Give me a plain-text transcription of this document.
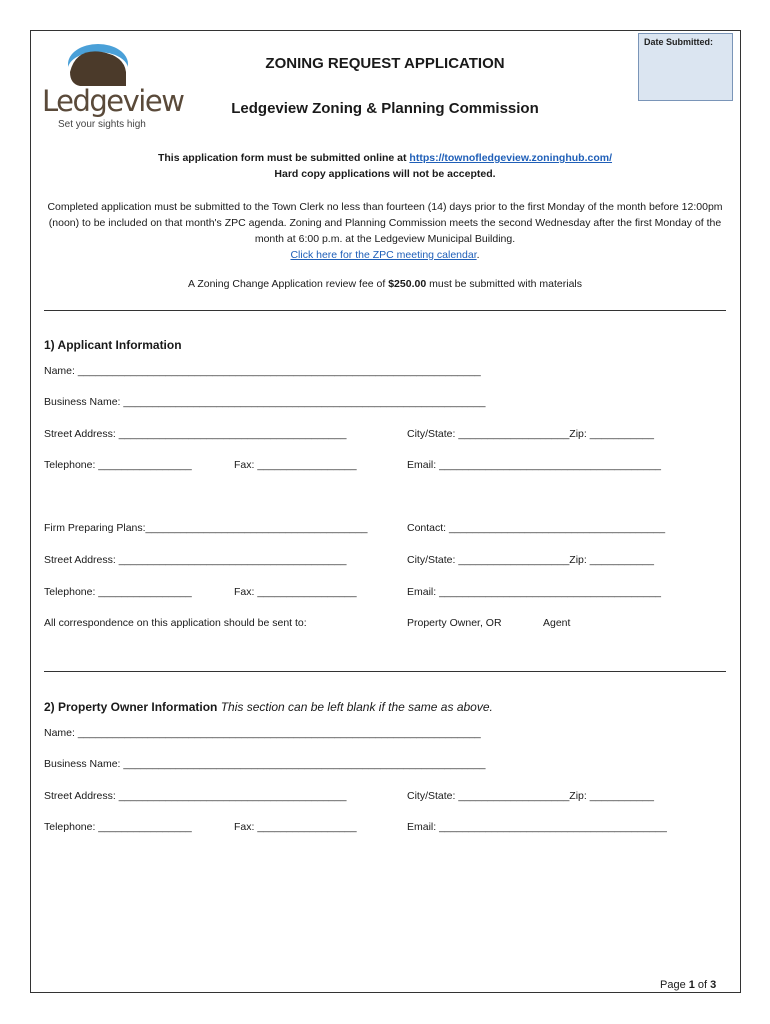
Ledgeview
Set your sights high
Date Submitted:
ZONING REQUEST APPLICATION
Ledgeview Zoning & Planning Commission
This application form must be submitted online at https://townofledgeview.zoninghub.com/
Hard copy applications will not be accepted.
Completed application must be submitted to the Town Clerk no less than fourteen (14) days prior to the first Monday of the month before 12:00pm (noon) to be included on that month's ZPC agenda. Zoning and Planning Commission meets the second Wednesday after the first Monday of the month at 6:00 p.m. at the Ledgeview Municipal Building.
Click here for the ZPC meeting calendar.
A Zoning Change Application review fee of $250.00 must be submitted with materials
1) Applicant Information
Name: _____________________________________________________________________
Business Name: ______________________________________________________________
Street Address: _______________________________________	City/State: ___________________Zip: ___________
Telephone: ________________	Fax: _________________	Email: ______________________________________
Firm Preparing Plans:______________________________________	Contact: _____________________________________
Street Address: _______________________________________	City/State: ___________________Zip: ___________
Telephone: ________________	Fax: _________________	Email: ______________________________________
All correspondence on this application should be sent to:	Property Owner, OR	Agent
2) Property Owner Information This section can be left blank if the same as above.
Name: _____________________________________________________________________
Business Name: ______________________________________________________________
Street Address: _______________________________________	City/State: ___________________Zip: ___________
Telephone: ________________	Fax: _________________	Email: _______________________________________
Page 1 of 3
